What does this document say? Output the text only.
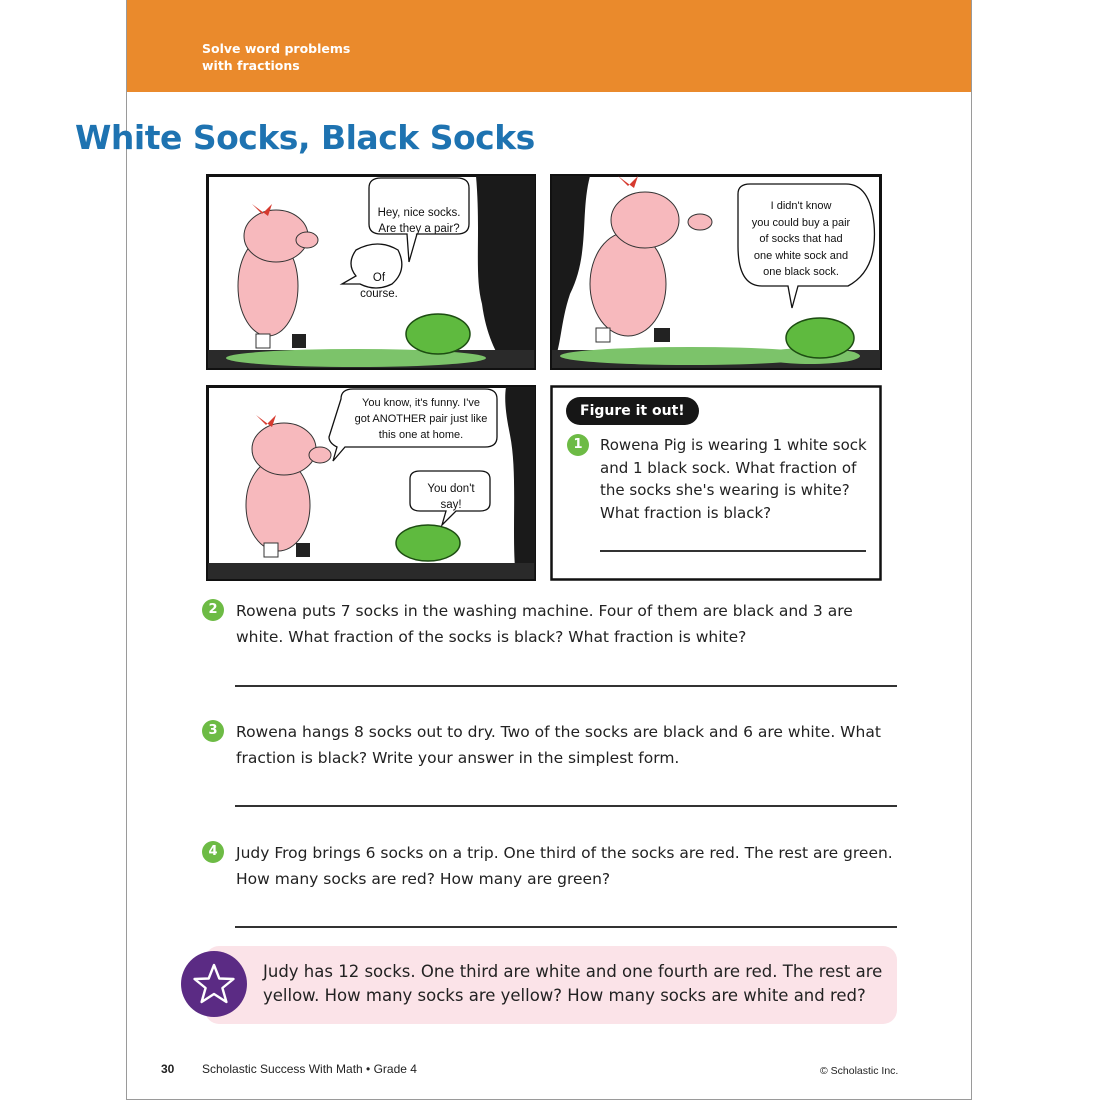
Solve word problems
with fractions
White Socks, Black Socks
Hey, nice socks.
Are they a pair?
Of
course.
I didn't know
you could buy a pair
of socks that had
one white sock and
one black sock.
You know, it's funny. I've
got ANOTHER pair just like
this one at home.
You don't
say!
Figure it out!
1	Rowena Pig is wearing 1 white sock and 1 black sock. What fraction of the socks she's wearing is white? What fraction is black?
2	Rowena puts 7 socks in the washing machine. Four of them are black and 3 are white. What fraction of the socks is black? What fraction is white?
3	Rowena hangs 8 socks out to dry. Two of the socks are black and 6 are white. What fraction is black? Write your answer in the simplest form.
4	Judy Frog brings 6 socks on a trip. One third of the socks are red. The rest are green. How many socks are red? How many are green?
Judy has 12 socks. One third are white and one fourth are red. The rest are yellow. How many socks are yellow? How many socks are white and red?
30 Scholastic Success With Math • Grade 4	© Scholastic Inc.
